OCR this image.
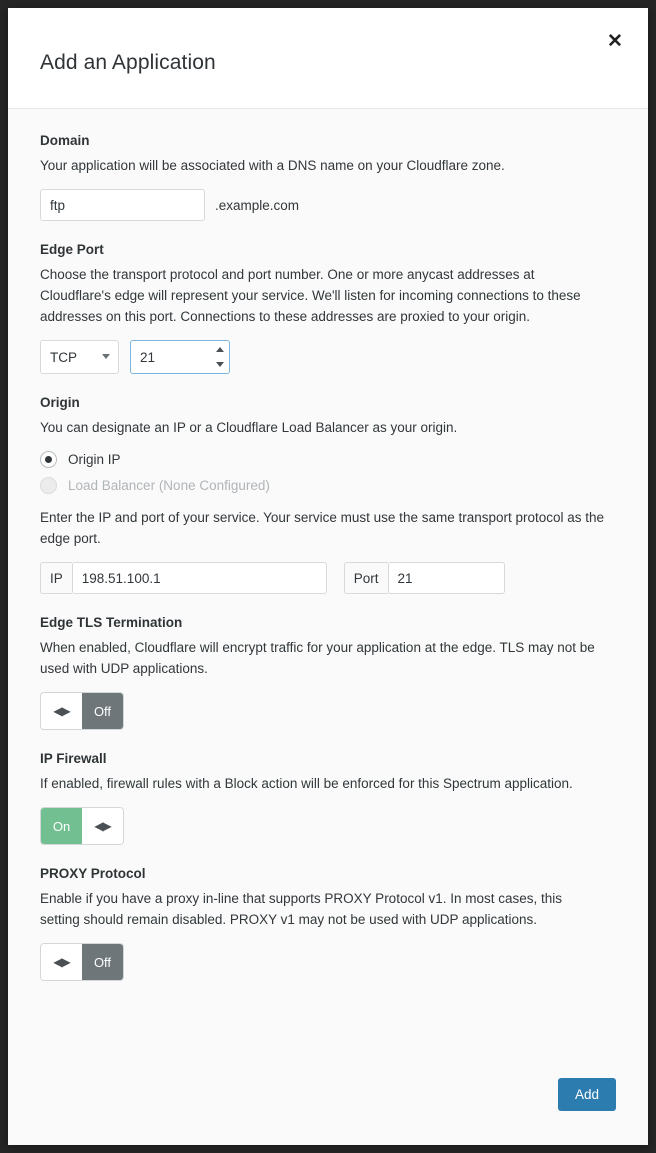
Add an Application
✕
Domain
Your application will be associated with a DNS name on your Cloudflare zone.
ftp
.example.com
Edge Port
Choose the transport protocol and port number. One or more anycast addresses at Cloudflare's edge will represent your service. We'll listen for incoming connections to these addresses on this port. Connections to these addresses are proxied to your origin.
TCP
21
Origin
You can designate an IP or a Cloudflare Load Balancer as your origin.
Origin IP
Load Balancer (None Configured)
Enter the IP and port of your service. Your service must use the same transport protocol as the edge port.
IP
198.51.100.1	Port
21
Edge TLS Termination
When enabled, Cloudflare will encrypt traffic for your application at the edge. TLS may not be used with UDP applications.
◀▶	Off
IP Firewall
If enabled, firewall rules with a Block action will be enforced for this Spectrum application.
On	◀▶
PROXY Protocol
Enable if you have a proxy in-line that supports PROXY Protocol v1. In most cases, this setting should remain disabled. PROXY v1 may not be used with UDP applications.
◀▶	Off
Add
